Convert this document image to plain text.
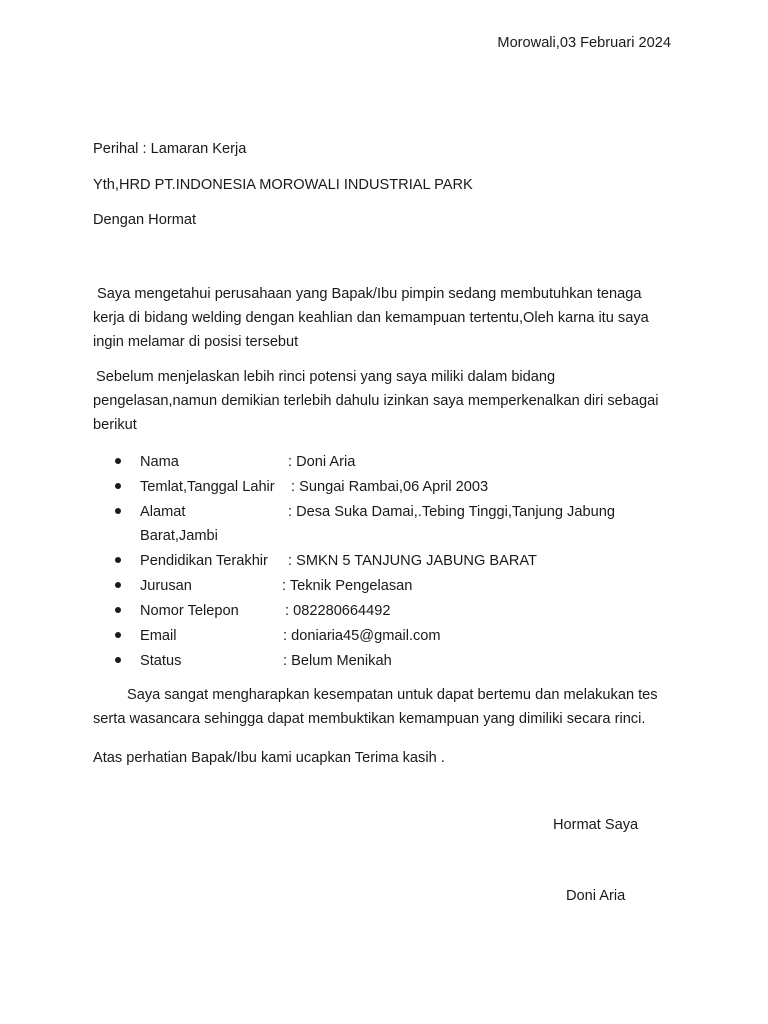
Morowali,03 Februari 2024
Perihal : Lamaran Kerja
Yth,HRD PT.INDONESIA MOROWALI INDUSTRIAL PARK
Dengan Hormat
Saya mengetahui perusahaan yang Bapak/Ibu pimpin sedang membutuhkan tenaga
kerja di bidang welding dengan keahlian dan kemampuan tertentu,Oleh karna itu saya
ingin melamar di posisi tersebut
Sebelum menjelaskan lebih rinci potensi yang saya miliki dalam bidang
pengelasan,namun demikian terlebih dahulu izinkan saya memperkenalkan diri sebagai
berikut
Nama	: Doni Aria
Temlat,Tanggal Lahir : Sungai Rambai,06 April 2003
Alamat	: Desa Suka Damai,.Tebing Tinggi,Tanjung Jabung
Barat,Jambi
Pendidikan Terakhir : SMKN 5 TANJUNG JABUNG BARAT
Jurusan	: Teknik Pengelasan
Nomor Telepon	: 082280664492
Email	: doniaria45@gmail.com
Status	: Belum Menikah
Saya sangat mengharapkan kesempatan untuk dapat bertemu dan melakukan tes
serta wasancara sehingga dapat membuktikan kemampuan yang dimiliki secara rinci.
Atas perhatian Bapak/Ibu kami ucapkan Terima kasih .
Hormat Saya
Doni Aria
